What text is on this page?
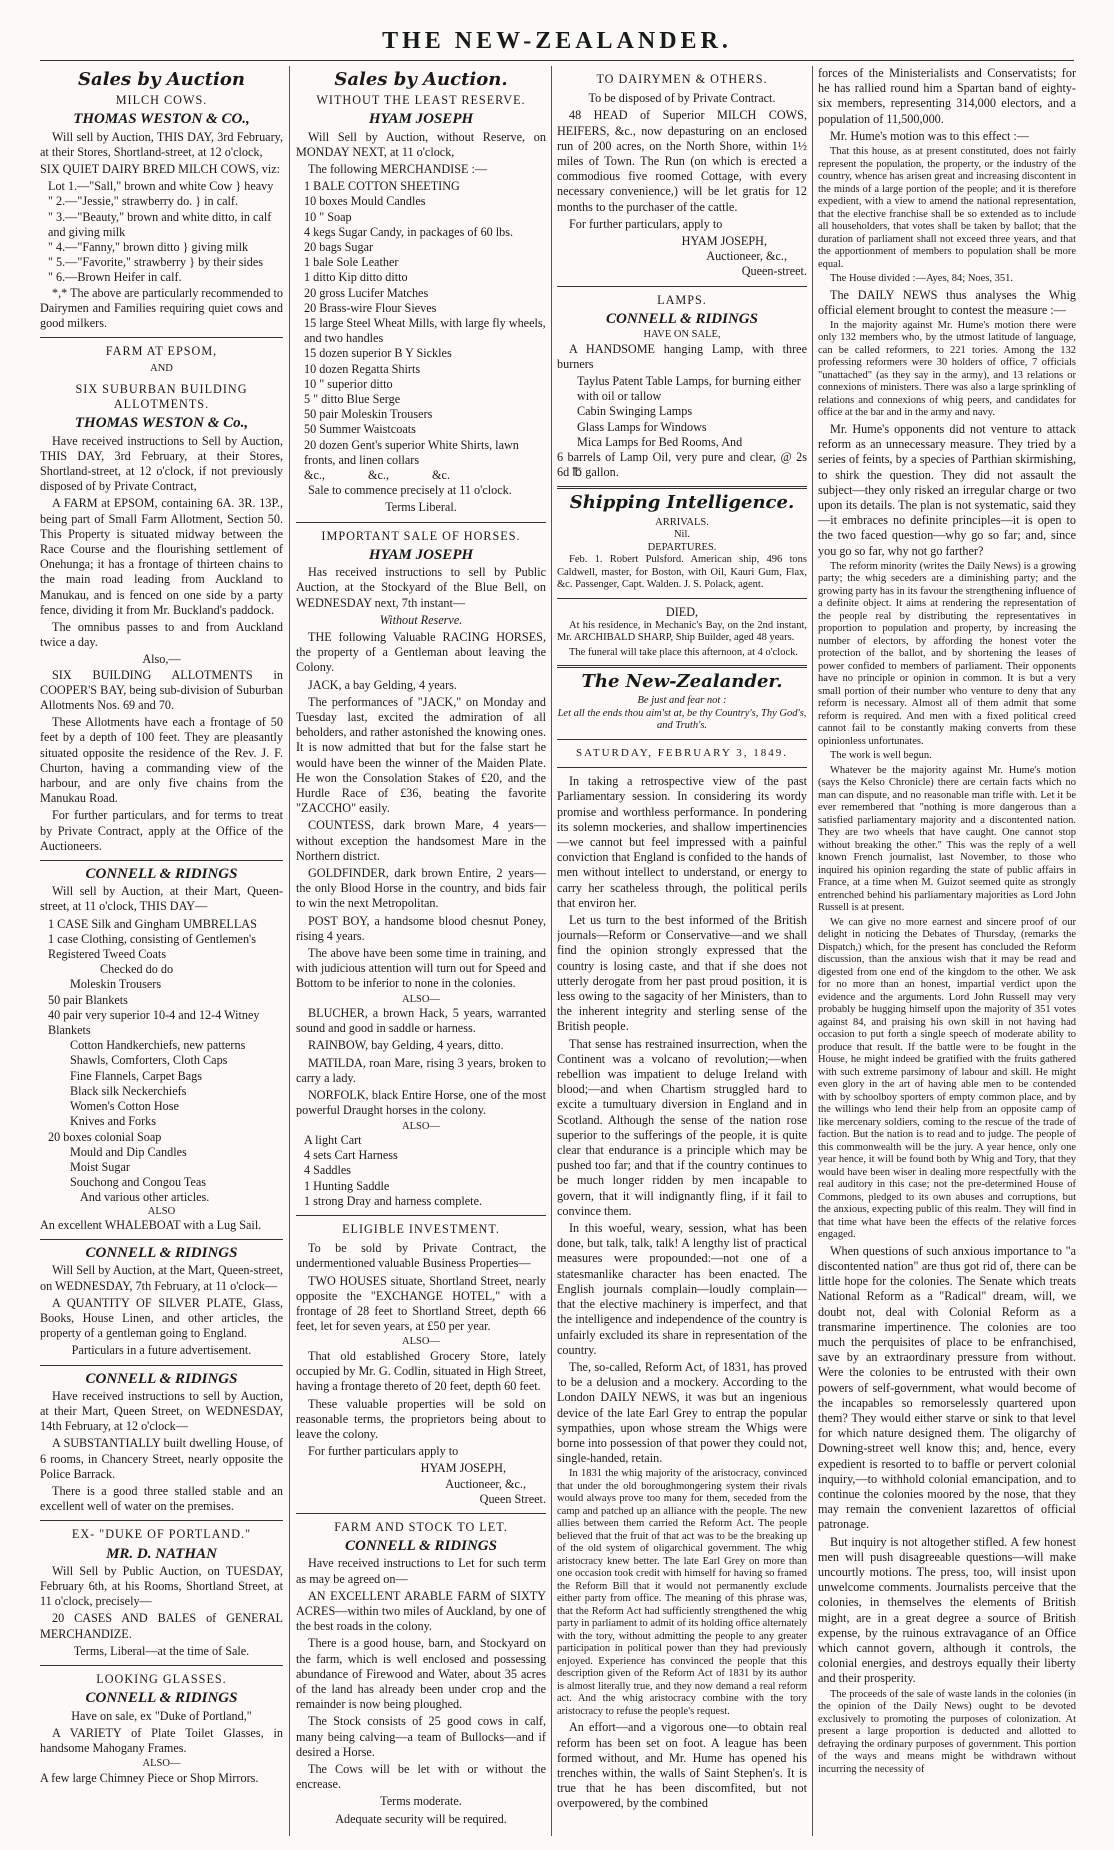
THE NEW-ZEALANDER.
Sales by Auction
MILCH COWS.
THOMAS WESTON & CO.,

Will sell by Auction, THIS DAY, 3rd February, at their Stores, Shortland-street, at 12 o'clock,

SIX QUIET DAIRY BRED MILCH COWS, viz:

Lot 1.—"Sall," brown and white Cow } heavy
" 2.—"Jessie," strawberry do. } in calf.
" 3.—"Beauty," brown and white ditto, in calf and giving milk
" 4.—"Fanny," brown ditto } giving milk
" 5.—"Favorite," strawberry } by their sides
" 6.—Brown Heifer in calf.

*,* The above are particularly recommended to Dairymen and Families requiring quiet cows and good milkers.

FARM AT EPSOM,
AND
SIX SUBURBAN BUILDING ALLOTMENTS.
THOMAS WESTON & Co.,

Have received instructions to Sell by Auction, THIS DAY, 3rd February, at their Stores, Shortland-street, at 12 o'clock, if not previously disposed of by Private Contract,

A FARM at EPSOM, containing 6A. 3R. 13P., being part of Small Farm Allotment, Section 50. This Property is situated midway between the Race Course and the flourishing settlement of Onehunga; it has a frontage of thirteen chains to the main road leading from Auckland to Manukau, and is fenced on one side by a party fence, dividing it from Mr. Buckland's paddock.

The omnibus passes to and from Auckland twice a day.

Also,—

SIX BUILDING ALLOTMENTS in COOPER'S BAY, being sub-division of Suburban Allotments Nos. 69 and 70.

These Allotments have each a frontage of 50 feet by a depth of 100 feet. They are pleasantly situated opposite the residence of the Rev. J. F. Churton, having a commanding view of the harbour, and are only five chains from the Manukau Road.

For further particulars, and for terms to treat by Private Contract, apply at the Office of the Auctioneers.

CONNELL & RIDINGS

Will sell by Auction, at their Mart, Queen-street, at 11 o'clock, THIS DAY—

1 CASE Silk and Gingham UMBRELLAS
1 case Clothing, consisting of Gentlemen's Registered Tweed Coats
Checked do do
Moleskin Trousers
50 pair Blankets
40 pair very superior 10-4 and 12-4 Witney Blankets
Cotton Handkerchiefs, new patterns
Shawls, Comforters, Cloth Caps
Fine Flannels, Carpet Bags
Black silk Neckerchiefs
Women's Cotton Hose
Knives and Forks
20 boxes colonial Soap
Mould and Dip Candles
Moist Sugar
Souchong and Congou Teas
And various other articles.
ALSO

An excellent WHALEBOAT with a Lug Sail.

CONNELL & RIDINGS

Will Sell by Auction, at the Mart, Queen-street, on WEDNESDAY, 7th February, at 11 o'clock—

A QUANTITY OF SILVER PLATE, Glass, Books, House Linen, and other articles, the property of a gentleman going to England.

Particulars in a future advertisement.

CONNELL & RIDINGS

Have received instructions to sell by Auction, at their Mart, Queen Street, on WEDNESDAY, 14th February, at 12 o'clock—

A SUBSTANTIALLY built dwelling House, of 6 rooms, in Chancery Street, nearly opposite the Police Barrack.

There is a good three stalled stable and an excellent well of water on the premises.

EX- "DUKE OF PORTLAND."
MR. D. NATHAN

Will Sell by Public Auction, on TUESDAY, February 6th, at his Rooms, Shortland Street, at 11 o'clock, precisely—

20 CASES AND BALES of GENERAL MERCHANDIZE.

Terms, Liberal—at the time of Sale.

LOOKING GLASSES.
CONNELL & RIDINGS

Have on sale, ex "Duke of Portland,"

A VARIETY of Plate Toilet Glasses, in handsome Mahogany Frames.

ALSO—

A few large Chimney Piece or Shop Mirrors.

Sales by Auction.
WITHOUT THE LEAST RESERVE.
HYAM JOSEPH

Will Sell by Auction, without Reserve, on MONDAY NEXT, at 11 o'clock,

The following MERCHANDISE :—

1 BALE COTTON SHEETING
10 boxes Mould Candles
10 " Soap
4 kegs Sugar Candy, in packages of 60 lbs.
20 bags Sugar
1 bale Sole Leather
1 ditto Kip ditto ditto
20 gross Lucifer Matches
20 Brass-wire Flour Sieves
15 large Steel Wheat Mills, with large fly wheels, and two handles
15 dozen superior B Y Sickles
10 dozen Regatta Shirts
10 " superior ditto
5 " ditto Blue Serge
50 pair Moleskin Trousers
50 Summer Waistcoats
20 dozen Gent's superior White Shirts, lawn fronts, and linen collars
&c., &c., &c.

Sale to commence precisely at 11 o'clock.

Terms Liberal.

IMPORTANT SALE OF HORSES.
HYAM JOSEPH

Has received instructions to sell by Public Auction, at the Stockyard of the Blue Bell, on WEDNESDAY next, 7th instant—

Without Reserve.

THE following Valuable RACING HORSES, the property of a Gentleman about leaving the Colony.

JACK, a bay Gelding, 4 years.

The performances of "JACK," on Monday and Tuesday last, excited the admiration of all beholders, and rather astonished the knowing ones. It is now admitted that but for the false start he would have been the winner of the Maiden Plate. He won the Consolation Stakes of £20, and the Hurdle Race of £36, beating the favorite "ZACCHO" easily.

COUNTESS, dark brown Mare, 4 years—without exception the handsomest Mare in the Northern district.

GOLDFINDER, dark brown Entire, 2 years—the only Blood Horse in the country, and bids fair to win the next Metropolitan.

POST BOY, a handsome blood chesnut Poney, rising 4 years.

The above have been some time in training, and with judicious attention will turn out for Speed and Bottom to be inferior to none in the colonies.

ALSO—

BLUCHER, a brown Hack, 5 years, warranted sound and good in saddle or harness.

RAINBOW, bay Gelding, 4 years, ditto.

MATILDA, roan Mare, rising 3 years, broken to carry a lady.

NORFOLK, black Entire Horse, one of the most powerful Draught horses in the colony.

ALSO—
A light Cart
4 sets Cart Harness
4 Saddles
1 Hunting Saddle
1 strong Dray and harness complete.
ELIGIBLE INVESTMENT.

To be sold by Private Contract, the undermentioned valuable Business Properties—

TWO HOUSES situate, Shortland Street, nearly opposite the "EXCHANGE HOTEL," with a frontage of 28 feet to Shortland Street, depth 66 feet, let for seven years, at £50 per year.

ALSO—

That old established Grocery Store, lately occupied by Mr. G. Codlin, situated in High Street, having a frontage thereto of 20 feet, depth 60 feet.

These valuable properties will be sold on reasonable terms, the proprietors being about to leave the colony.

For further particulars apply to

HYAM JOSEPH,
Auctioneer, &c.,
Queen Street.
FARM AND STOCK TO LET.
CONNELL & RIDINGS

Have received instructions to Let for such term as may be agreed on—

AN EXCELLENT ARABLE FARM of SIXTY ACRES—within two miles of Auckland, by one of the best roads in the colony.

There is a good house, barn, and Stockyard on the farm, which is well enclosed and possessing abundance of Firewood and Water, about 35 acres of the land has already been under crop and the remainder is now being ploughed.

The Stock consists of 25 good cows in calf, many being calving—a team of Bullocks—and if desired a Horse.

The Cows will be let with or without the encrease.

Terms moderate.

Adequate security will be required.

TO DAIRYMEN & OTHERS.

To be disposed of by Private Contract.

48 HEAD of Superior MILCH COWS, HEIFERS, &c., now depasturing on an enclosed run of 200 acres, on the North Shore, within 1½ miles of Town. The Run (on which is erected a commodious five roomed Cottage, with every necessary convenience,) will be let gratis for 12 months to the purchaser of the cattle.

For further particulars, apply to

HYAM JOSEPH,
Auctioneer, &c.,
Queen-street.
LAMPS.
CONNELL & RIDINGS
HAVE ON SALE,

A HANDSOME hanging Lamp, with three burners

Taylus Patent Table Lamps, for burning either with oil or tallow
Cabin Swinging Lamps
Glass Lamps for Windows
Mica Lamps for Bed Rooms, And

6 barrels of Lamp Oil, very pure and clear, @ 2s 6d ℔ gallon.

Shipping Intelligence.
ARRIVALS.
Nil.
DEPARTURES.

Feb. 1. Robert Pulsford. American ship, 496 tons Caldwell, master, for Boston, with Oil, Kauri Gum, Flax, &c. Passenger, Capt. Walden. J. S. Polack, agent.

DIED,

At his residence, in Mechanic's Bay, on the 2nd instant, Mr. ARCHIBALD SHARP, Ship Builder, aged 48 years.

The funeral will take place this afternoon, at 4 o'clock.

The New-Zealander.
Be just and fear not :
Let all the ends thou aim'st at, be thy Country's, Thy God's, and Truth's.
SATURDAY, FEBRUARY 3, 1849.

In taking a retrospective view of the past Parliamentary session. In considering its wordy promise and worthless performance. In pondering its solemn mockeries, and shallow impertinencies—we cannot but feel impressed with a painful conviction that England is confided to the hands of men without intellect to understand, or energy to carry her scatheless through, the political perils that environ her.

Let us turn to the best informed of the British journals—Reform or Conservative—and we shall find the opinion strongly expressed that the country is losing caste, and that if she does not utterly derogate from her past proud position, it is less owing to the sagacity of her Ministers, than to the inherent integrity and sterling sense of the British people.

That sense has restrained insurrection, when the Continent was a volcano of revolution;—when rebellion was impatient to deluge Ireland with blood;—and when Chartism struggled hard to excite a tumultuary diversion in England and in Scotland. Although the sense of the nation rose superior to the sufferings of the people, it is quite clear that endurance is a principle which may be pushed too far; and that if the country continues to be much longer ridden by men incapable to govern, that it will indignantly fling, if it fail to convince them.

In this woeful, weary, session, what has been done, but talk, talk, talk! A lengthy list of practical measures were propounded:—not one of a statesmanlike character has been enacted. The English journals complain—loudly complain—that the elective machinery is imperfect, and that the intelligence and independence of the country is unfairly excluded its share in representation of the country.

The, so-called, Reform Act, of 1831, has proved to be a delusion and a mockery. According to the London DAILY NEWS, it was but an ingenious device of the late Earl Grey to entrap the popular sympathies, upon whose stream the Whigs were borne into possession of that power they could not, single-handed, retain.

In 1831 the whig majority of the aristocracy, convinced that under the old boroughmongering system their rivals would always prove too many for them, seceded from the camp and patched up an alliance with the people. The new allies between them carried the Reform Act. The people believed that the fruit of that act was to be the breaking up of the old system of oligarchical government. The whig aristocracy knew better. The late Earl Grey on more than one occasion took credit with himself for having so framed the Reform Bill that it would not permanently exclude either party from office. The meaning of this phrase was, that the Reform Act had sufficiently strengthened the whig party in parliament to admit of its holding office alternately with the tory, without admitting the people to any greater participation in political power than they had previously enjoyed. Experience has convinced the people that this description given of the Reform Act of 1831 by its author is almost literally true, and they now demand a real reform act. And the whig aristocracy combine with the tory aristocracy to refuse the people's request.

An effort—and a vigorous one—to obtain real reform has been set on foot. A league has been formed without, and Mr. Hume has opened his trenches within, the walls of Saint Stephen's. It is true that he has been discomfited, but not overpowered, by the combined

forces of the Ministerialists and Conservatists; for he has rallied round him a Spartan band of eighty-six members, representing 314,000 electors, and a population of 11,500,000.

Mr. Hume's motion was to this effect :—

That this house, as at present constituted, does not fairly represent the population, the property, or the industry of the country, whence has arisen great and increasing discontent in the minds of a large portion of the people; and it is therefore expedient, with a view to amend the national representation, that the elective franchise shall be so extended as to include all householders, that votes shall be taken by ballot; that the duration of parliament shall not exceed three years, and that the apportionment of members to population shall be more equal.

The House divided :—Ayes, 84; Noes, 351.

The DAILY NEWS thus analyses the Whig official element brought to contest the measure :—

In the majority against Mr. Hume's motion there were only 132 members who, by the utmost latitude of language, can be called reformers, to 221 tories. Among the 132 professing reformers were 30 holders of office, 7 officials "unattached" (as they say in the army), and 13 relations or connexions of ministers. There was also a large sprinkling of relations and connexions of whig peers, and candidates for office at the bar and in the army and navy.

Mr. Hume's opponents did not venture to attack reform as an unnecessary measure. They tried by a series of feints, by a species of Parthian skirmishing, to shirk the question. They did not assault the subject—they only risked an irregular charge or two upon its details. The plan is not systematic, said they—it embraces no definite principles—it is open to the two faced question—why go so far; and, since you go so far, why not go farther?

The reform minority (writes the Daily News) is a growing party; the whig seceders are a diminishing party; and the growing party has in its favour the strengthening influence of a definite object. It aims at rendering the representation of the people real by distributing the representatives in proportion to population and property, by increasing the number of electors, by affording the honest voter the protection of the ballot, and by shortening the leases of power confided to members of parliament. Their opponents have no principle or opinion in common. It is but a very small portion of their number who venture to deny that any reform is necessary. Almost all of them admit that some reform is required. And men with a fixed political creed cannot fail to be constantly making converts from these opinionless unfortunates.

The work is well begun.

Whatever be the majority against Mr. Hume's motion (says the Kelso Chronicle) there are certain facts which no man can dispute, and no reasonable man trifle with. Let it be ever remembered that "nothing is more dangerous than a satisfied parliamentary majority and a discontented nation. They are two wheels that have caught. One cannot stop without breaking the other." This was the reply of a well known French journalist, last November, to those who inquired his opinion regarding the state of public affairs in France, at a time when M. Guizot seemed quite as strongly entrenched behind his parliamentary majorities as Lord John Russell is at present.

We can give no more earnest and sincere proof of our delight in noticing the Debates of Thursday, (remarks the Dispatch,) which, for the present has concluded the Reform discussion, than the anxious wish that it may be read and digested from one end of the kingdom to the other. We ask for no more than an honest, impartial verdict upon the evidence and the arguments. Lord John Russell may very probably be hugging himself upon the majority of 351 votes against 84, and praising his own skill in not having had occasion to put forth a single speech of moderate ability to produce that result. If the battle were to be fought in the House, he might indeed be gratified with the fruits gathered with such extreme parsimony of labour and skill. He might even glory in the art of having able men to be contended with by schoolboy sporters of empty common place, and by the willings who lend their help from an opposite camp of like mercenary soldiers, coming to the rescue of the trade of faction. But the nation is to read and to judge. The people of this commonwealth will be the jury. A year hence, only one year hence, it will be found both by Whig and Tory, that they would have been wiser in dealing more respectfully with the real auditory in this case; not the pre-determined House of Commons, pledged to its own abuses and corruptions, but the anxious, expecting public of this realm. They will find in that time what have been the effects of the relative forces engaged.

When questions of such anxious importance to "a discontented nation" are thus got rid of, there can be little hope for the colonies. The Senate which treats National Reform as a "Radical" dream, will, we doubt not, deal with Colonial Reform as a transmarine impertinence. The colonies are too much the perquisites of place to be enfranchised, save by an extraordinary pressure from without. Were the colonies to be entrusted with their own powers of self-government, what would become of the incapables so remorselessly quartered upon them? They would either starve or sink to that level for which nature designed them. The oligarchy of Downing-street well know this; and, hence, every expedient is resorted to to baffle or pervert colonial inquiry,—to withhold colonial emancipation, and to continue the colonies moored by the nose, that they may remain the convenient lazarettos of official patronage.

But inquiry is not altogether stifled. A few honest men will push disagreeable questions—will make uncourtly motions. The press, too, will insist upon unwelcome comments. Journalists perceive that the colonies, in themselves the elements of British might, are in a great degree a source of British expense, by the ruinous extravagance of an Office which cannot govern, although it controls, the colonial energies, and destroys equally their liberty and their prosperity.

The proceeds of the sale of waste lands in the colonies (in the opinion of the Daily News) ought to be devoted exclusively to promoting the purposes of colonization. At present a large proportion is deducted and allotted to defraying the ordinary purposes of government. This portion of the ways and means might be withdrawn without incurring the necessity of
